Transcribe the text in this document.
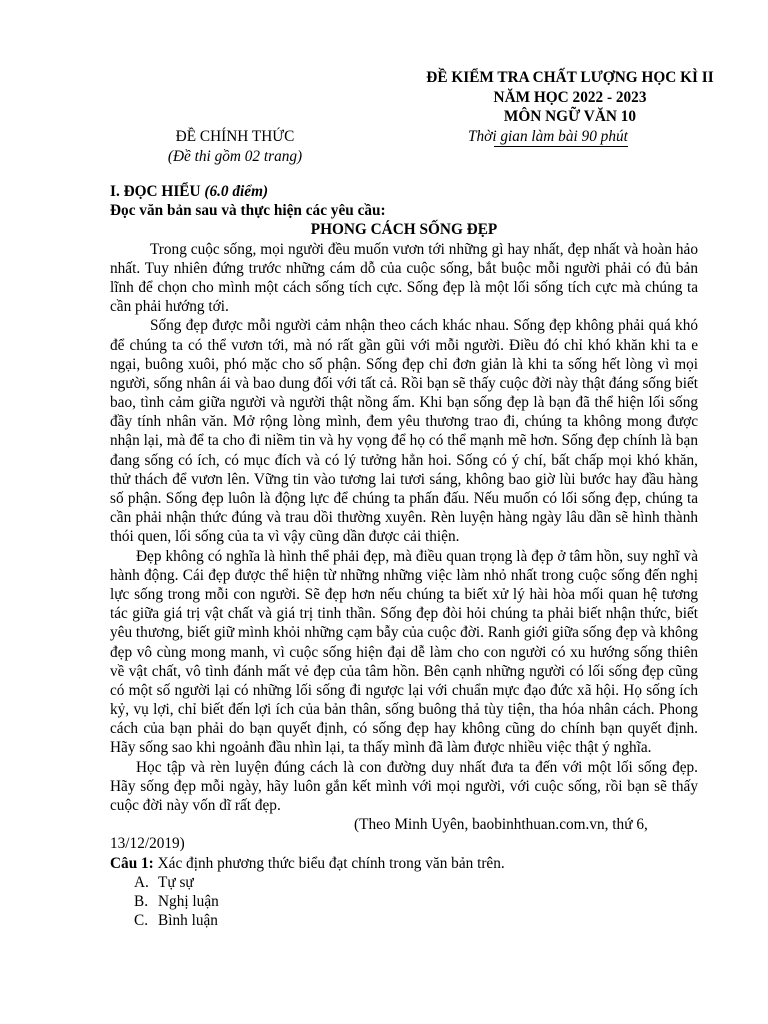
ĐỀ KIỂM TRA CHẤT LƯỢNG HỌC KÌ II
NĂM HỌC 2022 - 2023
MÔN NGỮ VĂN 10
ĐỀ CHÍNH THỨC
(Đề thi gồm 02 trang)
Thời gian làm bài 90 phút

I. ĐỌC HIỂU (6.0 điểm)

Đọc văn bản sau và thực hiện các yêu cầu:

PHONG CÁCH SỐNG ĐẸP

Trong cuộc sống, mọi người đều muốn vươn tới những gì hay nhất, đẹp nhất và hoàn hảo nhất. Tuy nhiên đứng trước những cám dỗ của cuộc sống, bắt buộc mỗi người phải có đủ bản lĩnh để chọn cho mình một cách sống tích cực. Sống đẹp là một lối sống tích cực mà chúng ta cần phải hướng tới.

Sống đẹp được mỗi người cảm nhận theo cách khác nhau. Sống đẹp không phải quá khó để chúng ta có thể vươn tới, mà nó rất gần gũi với mỗi người. Điều đó chỉ khó khăn khi ta e ngại, buông xuôi, phó mặc cho số phận. Sống đẹp chỉ đơn giản là khi ta sống hết lòng vì mọi người, sống nhân ái và bao dung đối với tất cả. Rồi bạn sẽ thấy cuộc đời này thật đáng sống biết bao, tình cảm giữa người và người thật nồng ấm. Khi bạn sống đẹp là bạn đã thể hiện lối sống đầy tính nhân văn. Mở rộng lòng mình, đem yêu thương trao đi, chúng ta không mong được nhận lại, mà để ta cho đi niềm tin và hy vọng để họ có thể mạnh mẽ hơn. Sống đẹp chính là bạn đang sống có ích, có mục đích và có lý tưởng hẳn hoi. Sống có ý chí, bất chấp mọi khó khăn, thử thách để vươn lên. Vững tin vào tương lai tươi sáng, không bao giờ lùi bước hay đầu hàng số phận. Sống đẹp luôn là động lực để chúng ta phấn đấu. Nếu muốn có lối sống đẹp, chúng ta cần phải nhận thức đúng và trau dồi thường xuyên. Rèn luyện hàng ngày lâu dần sẽ hình thành thói quen, lối sống của ta vì vậy cũng dần được cải thiện.

Đẹp không có nghĩa là hình thể phải đẹp, mà điều quan trọng là đẹp ở tâm hồn, suy nghĩ và hành động. Cái đẹp được thể hiện từ những những việc làm nhỏ nhất trong cuộc sống đến nghị lực sống trong mỗi con người. Sẽ đẹp hơn nếu chúng ta biết xử lý hài hòa mối quan hệ tương tác giữa giá trị vật chất và giá trị tinh thần. Sống đẹp đòi hỏi chúng ta phải biết nhận thức, biết yêu thương, biết giữ mình khỏi những cạm bẫy của cuộc đời. Ranh giới giữa sống đẹp và không đẹp vô cùng mong manh, vì cuộc sống hiện đại dễ làm cho con người có xu hướng sống thiên về vật chất, vô tình đánh mất vẻ đẹp của tâm hồn. Bên cạnh những người có lối sống đẹp cũng có một số người lại có những lối sống đi ngược lại với chuẩn mực đạo đức xã hội. Họ sống ích kỷ, vụ lợi, chỉ biết đến lợi ích của bản thân, sống buông thả tùy tiện, tha hóa nhân cách. Phong cách của bạn phải do bạn quyết định, có sống đẹp hay không cũng do chính bạn quyết định. Hãy sống sao khi ngoảnh đầu nhìn lại, ta thấy mình đã làm được nhiều việc thật ý nghĩa.

Học tập và rèn luyện đúng cách là con đường duy nhất đưa ta đến với một lối sống đẹp. Hãy sống đẹp mỗi ngày, hãy luôn gắn kết mình với mọi người, với cuộc sống, rồi bạn sẽ thấy cuộc đời này vốn dĩ rất đẹp.

(Theo Minh Uyên, baobinhthuan.com.vn, thứ 6,

13/12/2019)

Câu 1: Xác định phương thức biểu đạt chính trong văn bản trên.

A. Tự sự
B. Nghị luận
C. Bình luận
